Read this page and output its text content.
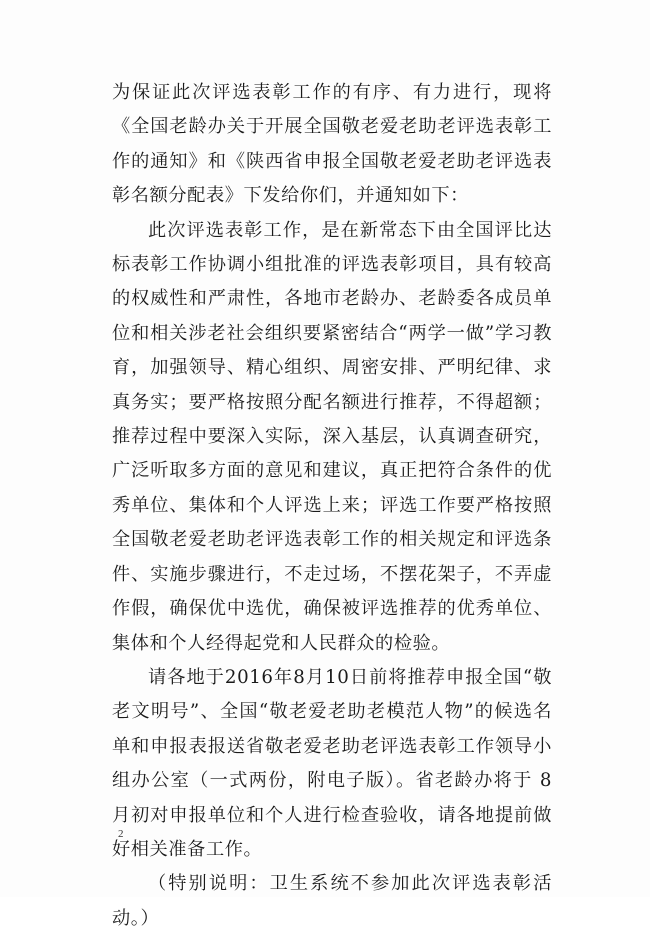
为保证此次评选表彰工作的有序、有力进行，现将《全国老龄办关于开展全国敬老爱老助老评选表彰工作的通知》和《陕西省申报全国敬老爱老助老评选表彰名额分配表》下发给你们，并通知如下：

此次评选表彰工作，是在新常态下由全国评比达标表彰工作协调小组批准的评选表彰项目，具有较高的权威性和严肃性，各地市老龄办、老龄委各成员单位和相关涉老社会组织要紧密结合“两学一做”学习教育，加强领导、精心组织、周密安排、严明纪律、求真务实；要严格按照分配名额进行推荐，不得超额；推荐过程中要深入实际，深入基层，认真调查研究，广泛听取多方面的意见和建议，真正把符合条件的优秀单位、集体和个人评选上来；评选工作要严格按照全国敬老爱老助老评选表彰工作的相关规定和评选条件、实施步骤进行，不走过场，不摆花架子，不弄虚作假，确保优中选优，确保被评选推荐的优秀单位、集体和个人经得起党和人民群众的检验。

请各地于2016年8月10日前将推荐申报全国“敬老文明号”、全国“敬老爱老助老模范人物”的候选名单和申报表报送省敬老爱老助老评选表彰工作领导小组办公室（一式两份，附电子版）。省老龄办将于 8 月初对申报单位和个人进行检查验收，请各地提前做好相关准备工作。

（特别说明：卫生系统不参加此次评选表彰活动。）

2
